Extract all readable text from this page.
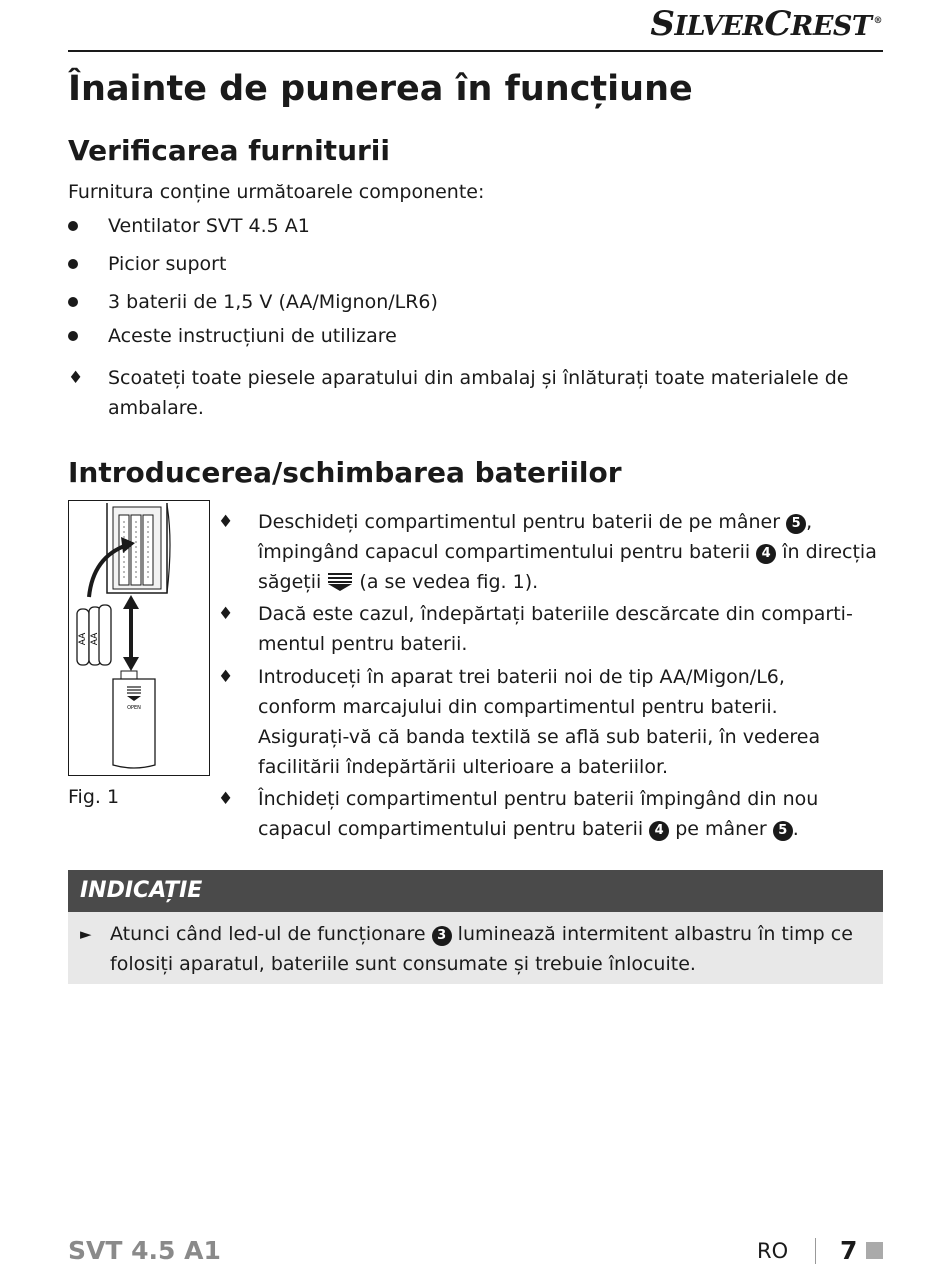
SILVERCREST ®
Înainte de punerea în funcțiune
Verificarea furniturii
Furnitura conține următoarele componente:
Ventilator SVT 4.5 A1
Picior suport
3 baterii de 1,5 V (AA/Mignon/LR6)
Aceste instrucțiuni de utilizare
♦ Scoateți toate piesele aparatului din ambalaj și înlăturați toate materialele de
ambalare.
Introducerea/schimbarea bateriilor
AA AA
OPEN
Fig. 1
♦ Deschideți compartimentul pentru baterii de pe mâner 5 ,
împingând capacul compartimentului pentru baterii 4 în direcția
săgeții (a se vedea fig. 1).
♦ Dacă este cazul, îndepărtați bateriile descărcate din comparti-
mentul pentru baterii.
♦ Introduceți în aparat trei baterii noi de tip AA/Migon/L6,
conform marcajului din compartimentul pentru baterii.
Asigurați-vă că banda textilă se află sub baterii, în vederea
facilitării îndepărtării ulterioare a bateriilor.
♦ Închideți compartimentul pentru baterii împingând din nou
capacul compartimentului pentru baterii 4 pe mâner 5 .
INDICAȚIE
► Atunci când led-ul de funcționare 3 luminează intermitent albastru în timp ce
folosiți aparatul, bateriile sunt consumate și trebuie înlocuite.
SVT 4.5 A1	RO 7
